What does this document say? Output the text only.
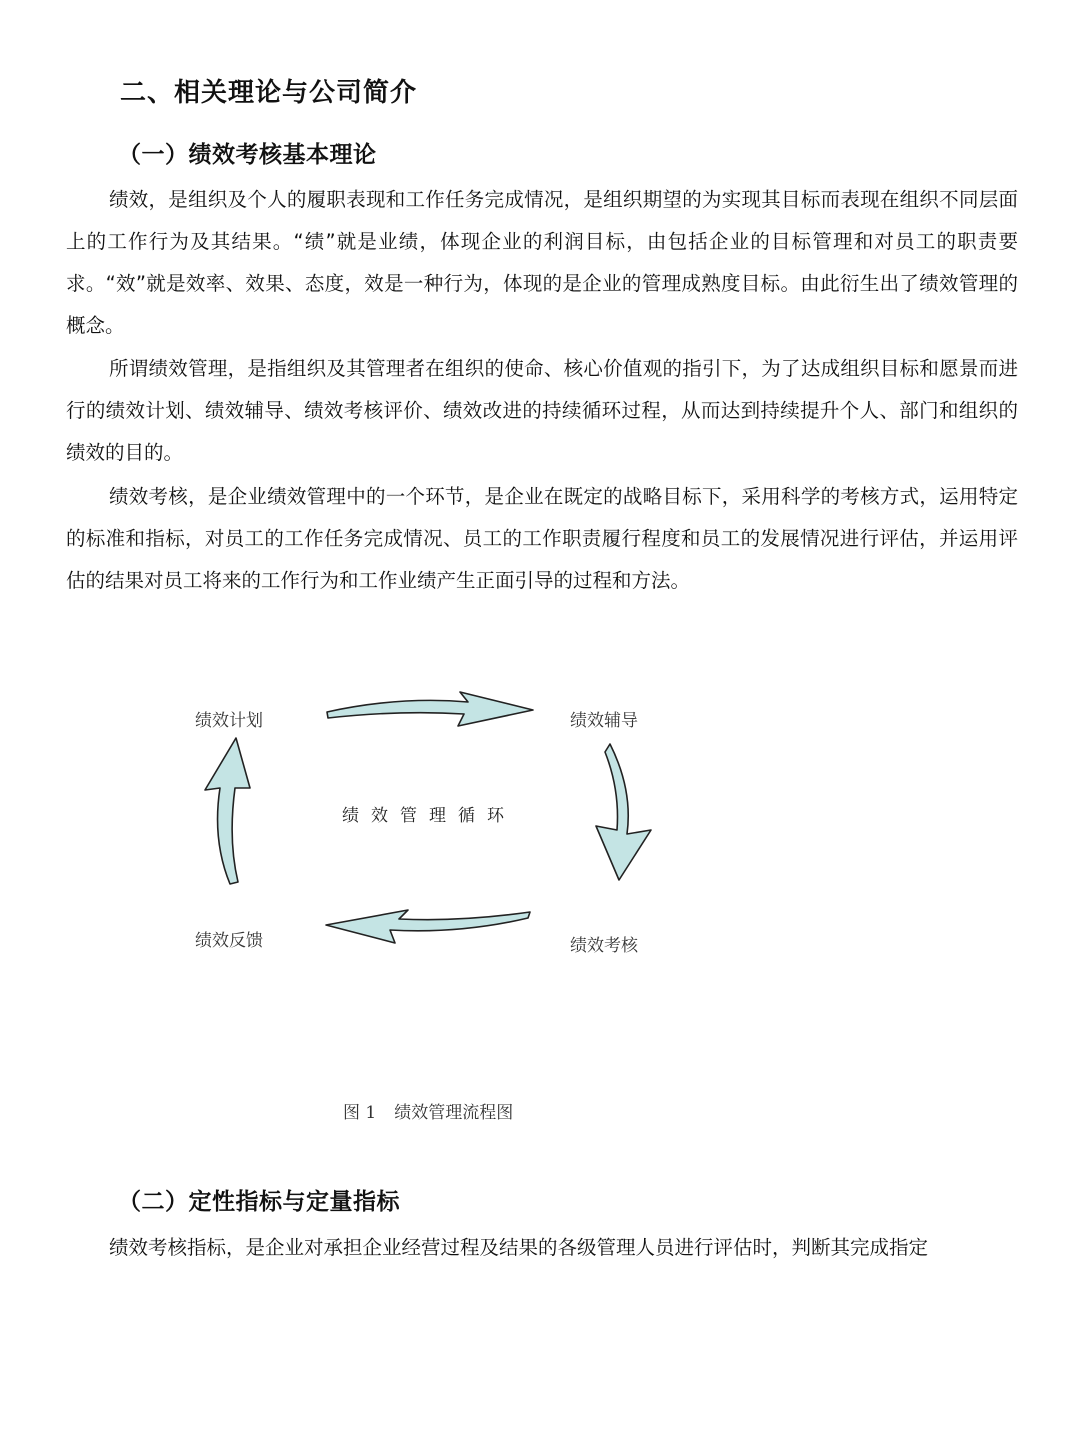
二、相关理论与公司简介
（一）绩效考核基本理论

绩效，是组织及个人的履职表现和工作任务完成情况，是组织期望的为实现其目标而表现在组织不同层面上的工作行为及其结果。“绩”就是业绩，体现企业的利润目标，由包括企业的目标管理和对员工的职责要求。“效”就是效率、效果、态度，效是一种行为，体现的是企业的管理成熟度目标。由此衍生出了绩效管理的概念。

所谓绩效管理，是指组织及其管理者在组织的使命、核心价值观的指引下，为了达成组织目标和愿景而进行的绩效计划、绩效辅导、绩效考核评价、绩效改进的持续循环过程，从而达到持续提升个人、部门和组织的绩效的目的。

绩效考核，是企业绩效管理中的一个环节，是企业在既定的战略目标下，采用科学的考核方式，运用特定的标准和指标，对员工的工作任务完成情况、员工的工作职责履行程度和员工的发展情况进行评估，并运用评估的结果对员工将来的工作行为和工作业绩产生正面引导的过程和方法。

绩效计划	绩效辅导
绩效考核
绩效反馈
绩效管理循环
图 1 绩效管理流程图
（二）定性指标与定量指标

绩效考核指标，是企业对承担企业经营过程及结果的各级管理人员进行评估时，判断其完成指定
